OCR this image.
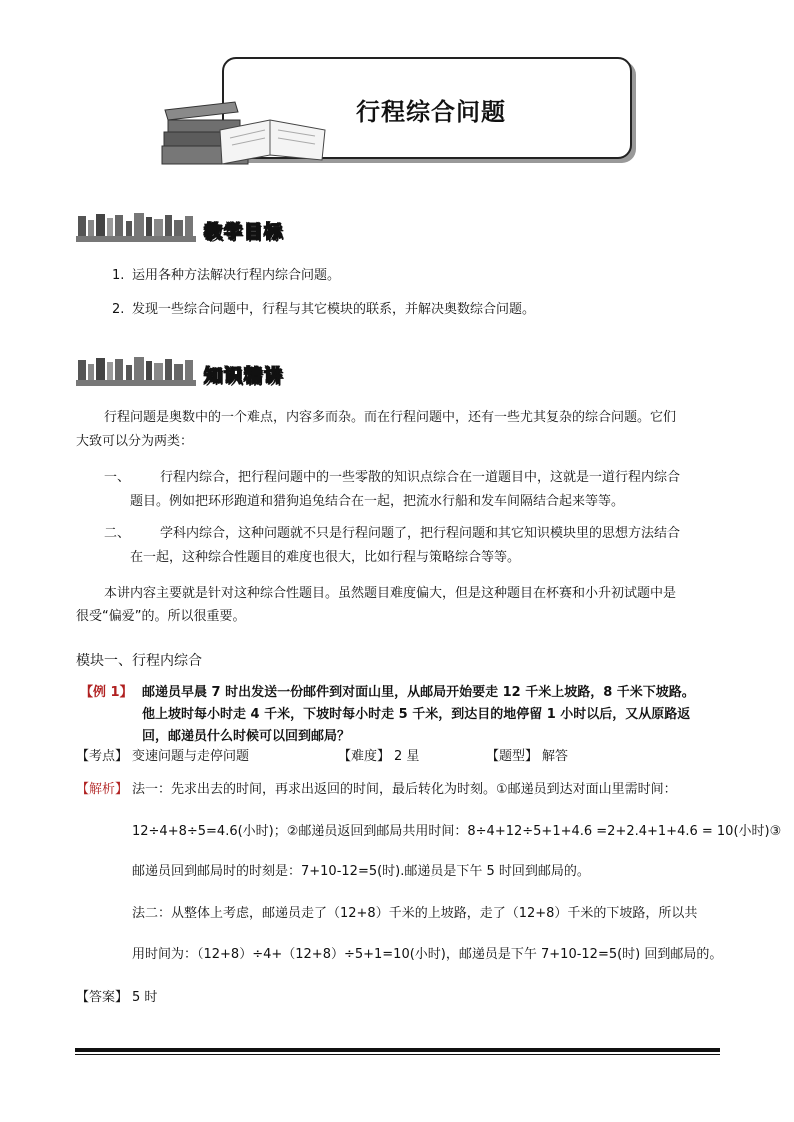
行程综合问题
教学目标
1. 运用各种方法解决行程内综合问题。
2. 发现一些综合问题中，行程与其它模块的联系，并解决奥数综合问题。
知识精讲
行程问题是奥数中的一个难点，内容多而杂。而在行程问题中，还有一些尤其复杂的综合问题。它们
大致可以分为两类：
一、 行程内综合，把行程问题中的一些零散的知识点综合在一道题目中，这就是一道行程内综合
题目。例如把环形跑道和猎狗追兔结合在一起，把流水行船和发车间隔结合起来等等。
二、 学科内综合，这种问题就不只是行程问题了，把行程问题和其它知识模块里的思想方法结合
在一起，这种综合性题目的难度也很大，比如行程与策略综合等等。
本讲内容主要就是针对这种综合性题目。虽然题目难度偏大，但是这种题目在杯赛和小升初试题中是
很受“偏爱”的。所以很重要。
模块一、行程内综合
【例 1】 邮递员早晨 7 时出发送一份邮件到对面山里，从邮局开始要走 12 千米上坡路，8 千米下坡路。
他上坡时每小时走 4 千米，下坡时每小时走 5 千米，到达目的地停留 1 小时以后，又从原路返
回，邮递员什么时候可以回到邮局？
【考点】 变速问题与走停问题	【难度】 2 星	【题型】 解答
【解析】 法一：先求出去的时间，再求出返回的时间，最后转化为时刻。①邮递员到达对面山里需时间：
12÷4+8÷5=4.6(小时)；②邮递员返回到邮局共用时间：8÷4+12÷5+1+4.6 =2+2.4+1+4.6 = 10(小时)③
邮递员回到邮局时的时刻是：7+10-12=5(时).邮递员是下午 5 时回到邮局的。
法二：从整体上考虑，邮递员走了（12+8）千米的上坡路，走了（12+8）千米的下坡路，所以共
用时间为：（12+8）÷4+（12+8）÷5+1=10(小时)，邮递员是下午 7+10-12=5(时) 回到邮局的。
【答案】 5 时
